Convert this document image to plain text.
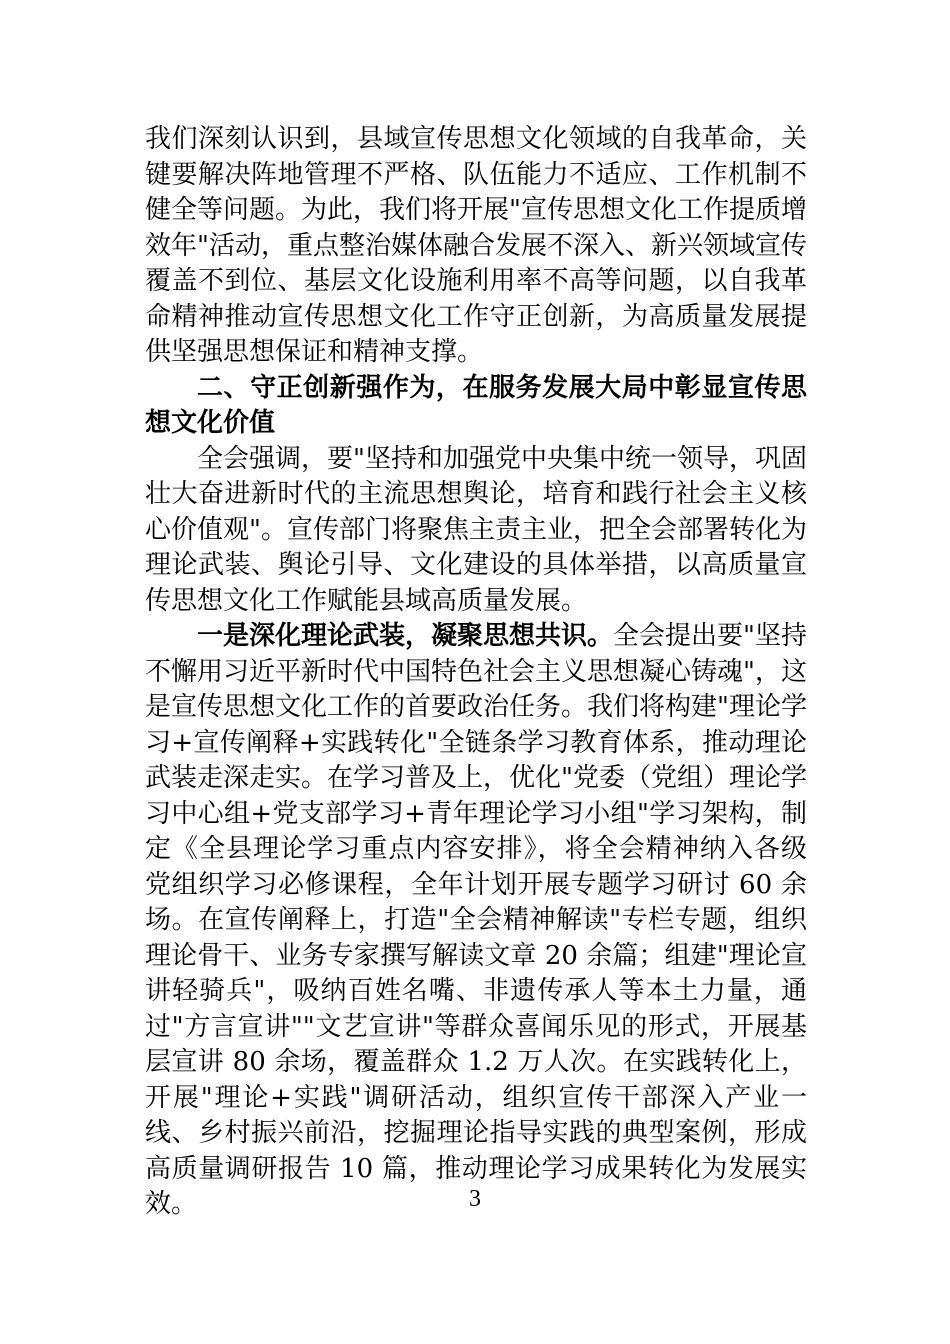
我们深刻认识到，县域宣传思想文化领域的自我革命，关键要解决阵地管理不严格、队伍能力不适应、工作机制不健全等问题。为此，我们将开展"宣传思想文化工作提质增效年"活动，重点整治媒体融合发展不深入、新兴领域宣传覆盖不到位、基层文化设施利用率不高等问题，以自我革命精神推动宣传思想文化工作守正创新，为高质量发展提供坚强思想保证和精神支撑。

二、守正创新强作为，在服务发展大局中彰显宣传思想文化价值

全会强调，要"坚持和加强党中央集中统一领导，巩固壮大奋进新时代的主流思想舆论，培育和践行社会主义核心价值观"。宣传部门将聚焦主责主业，把全会部署转化为理论武装、舆论引导、文化建设的具体举措，以高质量宣传思想文化工作赋能县域高质量发展。

一是深化理论武装，凝聚思想共识。全会提出要"坚持不懈用习近平新时代中国特色社会主义思想凝心铸魂"，这是宣传思想文化工作的首要政治任务。我们将构建"理论学习+宣传阐释+实践转化"全链条学习教育体系，推动理论武装走深走实。在学习普及上，优化"党委（党组）理论学习中心组+党支部学习+青年理论学习小组"学习架构，制定《全县理论学习重点内容安排》，将全会精神纳入各级党组织学习必修课程，全年计划开展专题学习研讨 60 余场。在宣传阐释上，打造"全会精神解读"专栏专题，组织理论骨干、业务专家撰写解读文章 20 余篇；组建"理论宣讲轻骑兵"，吸纳百姓名嘴、非遗传承人等本土力量，通过"方言宣讲""文艺宣讲"等群众喜闻乐见的形式，开展基层宣讲 80 余场，覆盖群众 1.2 万人次。在实践转化上，开展"理论+实践"调研活动，组织宣传干部深入产业一线、乡村振兴前沿，挖掘理论指导实践的典型案例，形成高质量调研报告 10 篇，推动理论学习成果转化为发展实效。	3
